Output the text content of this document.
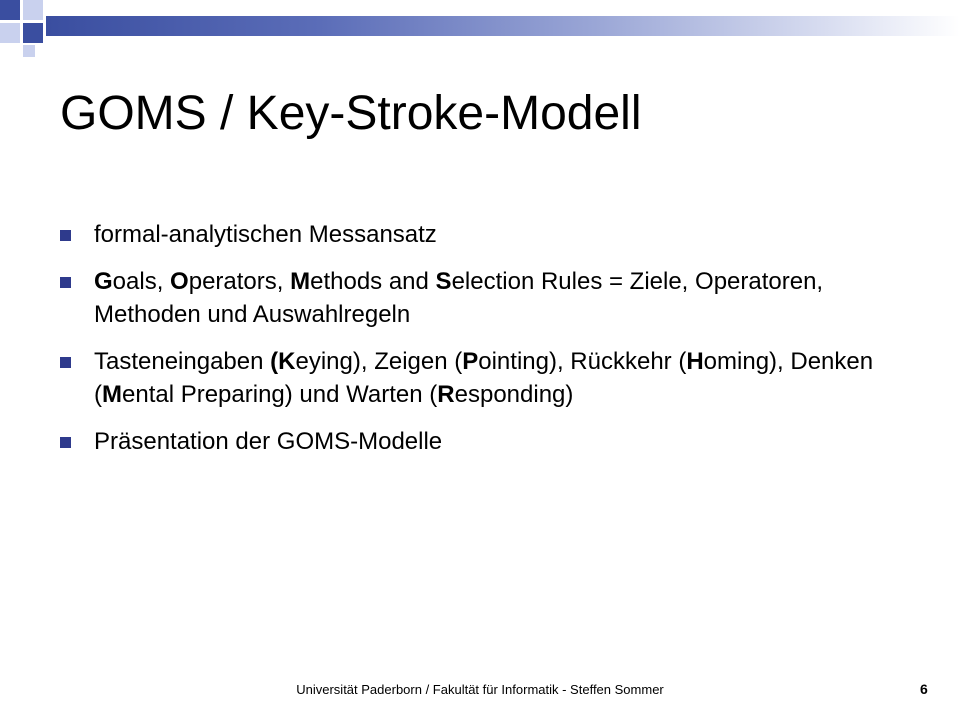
GOMS / Key-Stroke-Modell
formal-analytischen Messansatz
Goals, Operators, Methods and Selection Rules = Ziele, Operatoren, Methoden und Auswahlregeln
Tasteneingaben (Keying), Zeigen (Pointing), Rückkehr (Homing), Denken (Mental Preparing) und Warten (Responding)
Präsentation der GOMS-Modelle
Universität Paderborn / Fakultät für Informatik - Steffen Sommer	6
